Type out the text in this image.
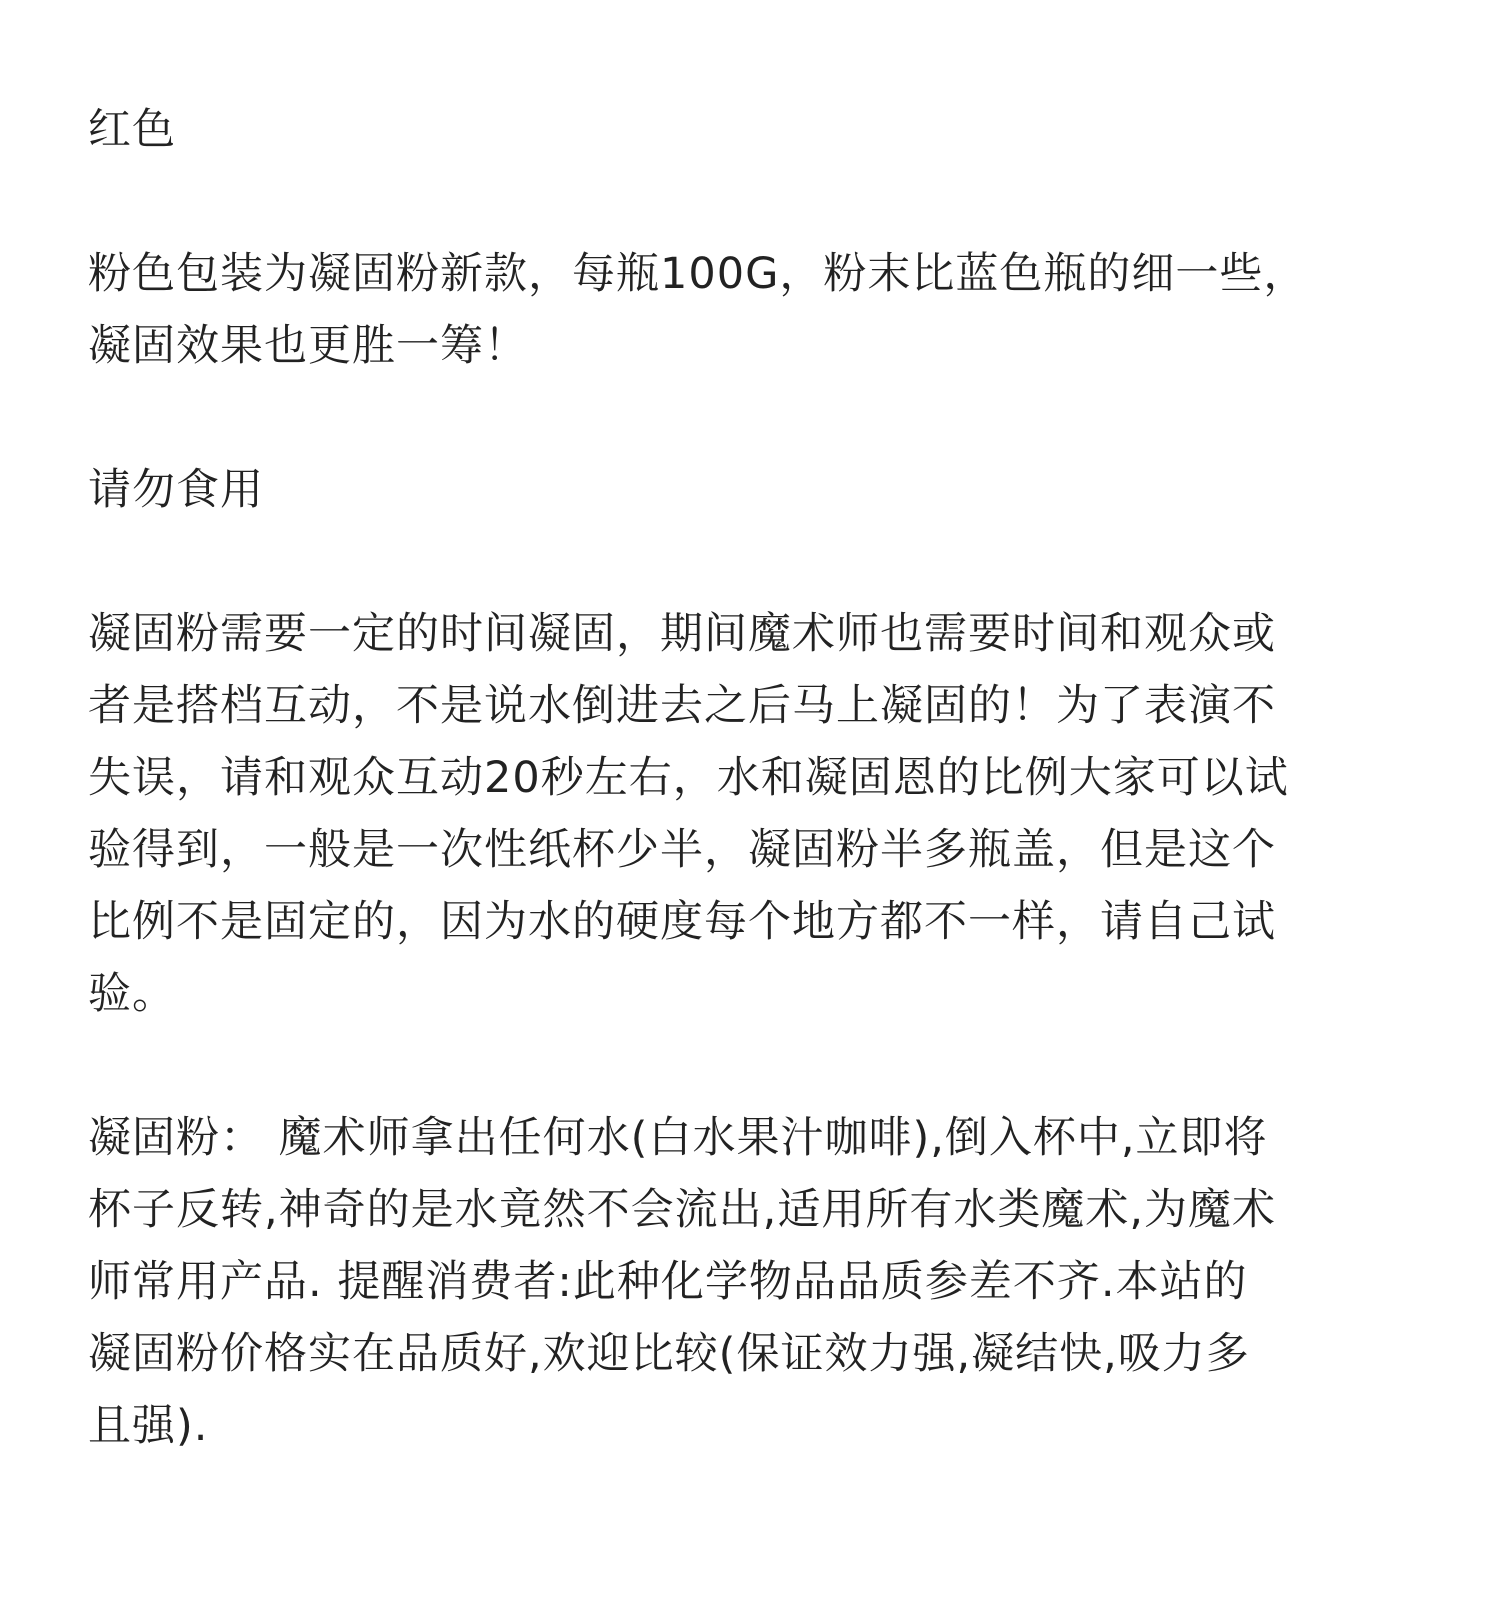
红色

粉色包装为凝固粉新款，每瓶100G，粉末比蓝色瓶的细一些，
凝固效果也更胜一筹！

请勿食用

凝固粉需要一定的时间凝固，期间魔术师也需要时间和观众或
者是搭档互动，不是说水倒进去之后马上凝固的！为了表演不
失误，请和观众互动20秒左右，水和凝固恩的比例大家可以试
验得到，一般是一次性纸杯少半，凝固粉半多瓶盖，但是这个
比例不是固定的，因为水的硬度每个地方都不一样，请自己试
验。

凝固粉： 魔术师拿出任何水(白水果汁咖啡),倒入杯中,立即将
杯子反转,神奇的是水竟然不会流出,适用所有水类魔术,为魔术
师常用产品. 提醒消费者:此种化学物品品质参差不齐.本站的
凝固粉价格实在品质好,欢迎比较(保证效力强,凝结快,吸力多
且强).
